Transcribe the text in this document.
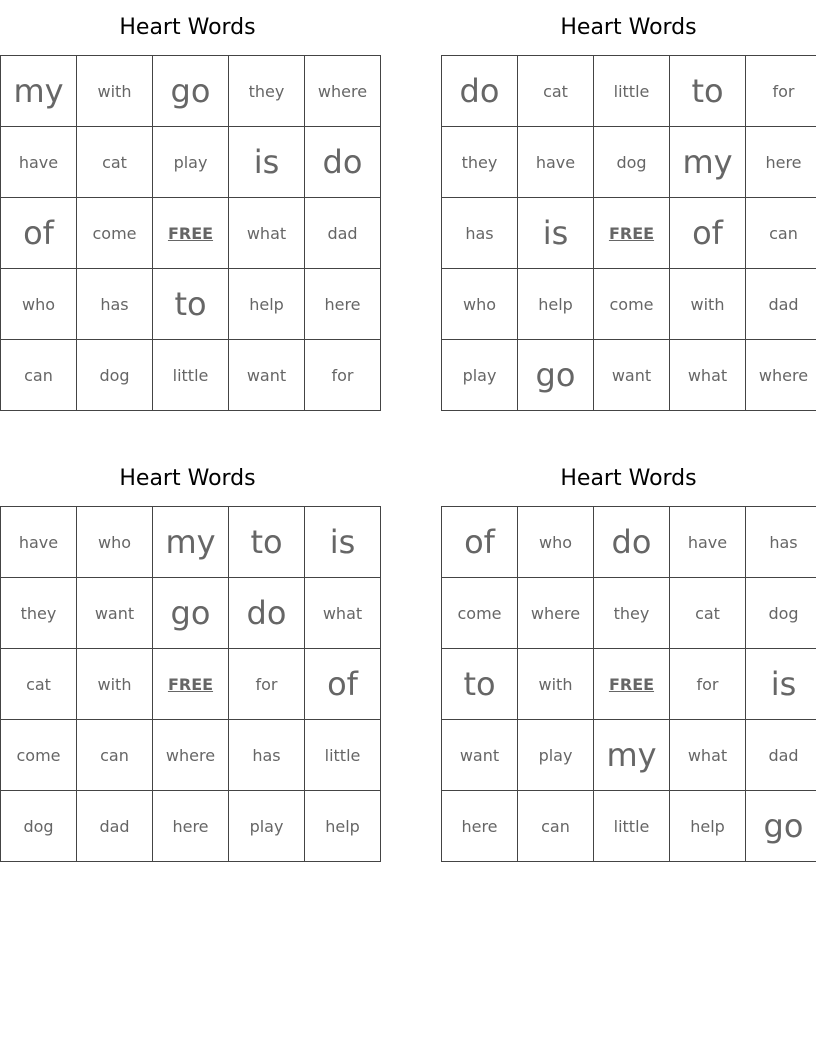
Heart Words
my	with	go	they	where
have	cat	play	is	do
of	come	FREE	what	dad
who	has	to	help	here
can	dog	little	want	for
Heart Words
do	cat	little	to	for
they	have	dog	my	here
has	is	FREE	of	can
who	help	come	with	dad
play	go	want	what	where
Heart Words
have	who	my	to	is
they	want	go	do	what
cat	with	FREE	for	of
come	can	where	has	little
dog	dad	here	play	help
Heart Words
of	who	do	have	has
come	where	they	cat	dog
to	with	FREE	for	is
want	play	my	what	dad
here	can	little	help	go
